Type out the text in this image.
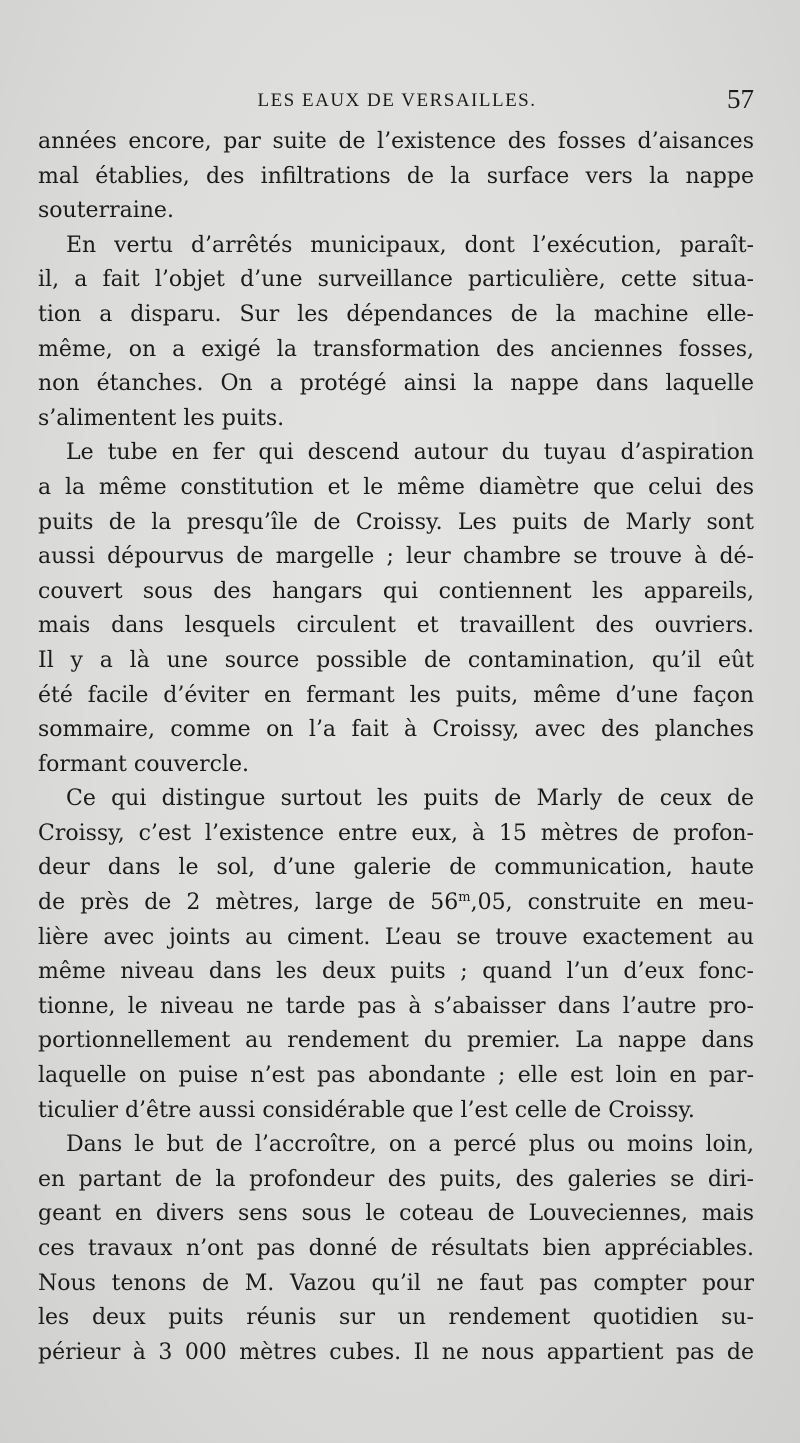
LES EAUX DE VERSAILLES.	57
années encore, par suite de l’existence des fosses d’aisances
mal établies, des infiltrations de la surface vers la nappe
souterraine.
En vertu d’arrêtés municipaux, dont l’exécution, paraît-
il, a fait l’objet d’une surveillance particulière, cette situa-
tion a disparu. Sur les dépendances de la machine elle-
même, on a exigé la transformation des anciennes fosses,
non étanches. On a protégé ainsi la nappe dans laquelle
s’alimentent les puits.
Le tube en fer qui descend autour du tuyau d’aspiration
a la même constitution et le même diamètre que celui des
puits de la presqu’île de Croissy. Les puits de Marly sont
aussi dépourvus de margelle ; leur chambre se trouve à dé-
couvert sous des hangars qui contiennent les appareils,
mais dans lesquels circulent et travaillent des ouvriers.
Il y a là une source possible de contamination, qu’il eût
été facile d’éviter en fermant les puits, même d’une façon
sommaire, comme on l’a fait à Croissy, avec des planches
formant couvercle.
Ce qui distingue surtout les puits de Marly de ceux de
Croissy, c’est l’existence entre eux, à 15 mètres de profon-
deur dans le sol, d’une galerie de communication, haute
de près de 2 mètres, large de 56$^m$,05, construite en meu-
lière avec joints au ciment. L’eau se trouve exactement au
même niveau dans les deux puits ; quand l’un d’eux fonc-
tionne, le niveau ne tarde pas à s’abaisser dans l’autre pro-
portionnellement au rendement du premier. La nappe dans
laquelle on puise n’est pas abondante ; elle est loin en par-
ticulier d’être aussi considérable que l’est celle de Croissy.
Dans le but de l’accroître, on a percé plus ou moins loin,
en partant de la profondeur des puits, des galeries se diri-
geant en divers sens sous le coteau de Louveciennes, mais
ces travaux n’ont pas donné de résultats bien appréciables.
Nous tenons de M. Vazou qu’il ne faut pas compter pour
les deux puits réunis sur un rendement quotidien su-
périeur à 3 000 mètres cubes. Il ne nous appartient pas de
